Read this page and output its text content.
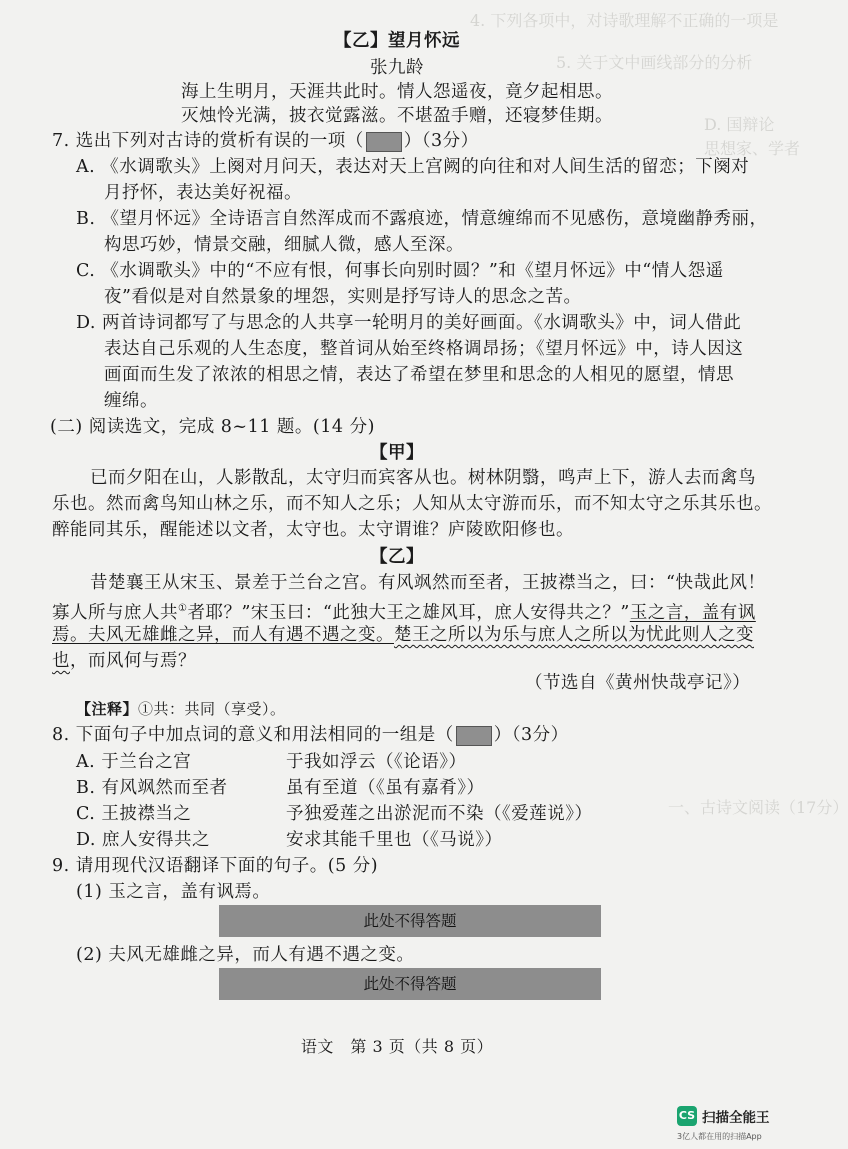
4. 下列各项中，对诗歌理解不正确的一项是
5. 关于文中画线部分的分析
D. 国辩论
思想家、学者
一、古诗文阅读（17分）
【乙】望月怀远
张九龄
海上生明月，天涯共此时。情人怨遥夜，竟夕起相思。
灭烛怜光满，披衣觉露滋。不堪盈手赠，还寝梦佳期。
7. 选出下列对古诗的赏析有误的一项（ ）（3分）
A. 《水调歌头》上阕对月问天，表达对天上宫阙的向往和对人间生活的留恋；下阕对
月抒怀，表达美好祝福。
B. 《望月怀远》全诗语言自然浑成而不露痕迹，情意缠绵而不见感伤，意境幽静秀丽，
构思巧妙，情景交融，细腻人微，感人至深。
C. 《水调歌头》中的“不应有恨，何事长向别时圆？”和《望月怀远》中“情人怨遥
夜”看似是对自然景象的埋怨，实则是抒写诗人的思念之苦。
D. 两首诗词都写了与思念的人共享一轮明月的美好画面。《水调歌头》中，词人借此
表达自己乐观的人生态度，整首词从始至终格调昂扬；《望月怀远》中，诗人因这
画面而生发了浓浓的相思之情，表达了希望在梦里和思念的人相见的愿望，情思
缠绵。
(二) 阅读选文，完成 8~11 题。(14 分)
【甲】
已而夕阳在山，人影散乱，太守归而宾客从也。树林阴翳，鸣声上下，游人去而禽鸟
乐也。然而禽鸟知山林之乐，而不知人之乐；人知从太守游而乐，而不知太守之乐其乐也。
醉能同其乐，醒能述以文者，太守也。太守谓谁？庐陵欧阳修也。
【乙】
昔楚襄王从宋玉、景差于兰台之宫。有风飒然而至者，王披襟当之，曰：“快哉此风！
寡人所与庶人共①者耶？”宋玉曰：“此独大王之雄风耳，庶人安得共之？”玉之言，盖有讽
焉。夫风无雄雌之异，而人有遇不遇之变。楚王之所以为乐与庶人之所以为忧此则人之变
也，而风何与焉？
（节选自《黄州快哉亭记》）
【注释】①共：共同（享受）。
8. 下面句子中加点词的意义和用法相同的一组是（ ）（3分）
A. 于兰台之宫	于我如浮云（《论语》）
B. 有风飒然而至者	虽有至道（《虽有嘉肴》）
C. 王披襟当之	予独爱莲之出淤泥而不染（《爱莲说》）
D. 庶人安得共之	安求其能千里也（《马说》）
9. 请用现代汉语翻译下面的句子。(5 分)
(1) 玉之言，盖有讽焉。
此处不得答题
(2) 夫风无雄雌之异，而人有遇不遇之变。
此处不得答题
语文　第 3 页（共 8 页）
CS 扫描全能王
3亿人都在用的扫描App
